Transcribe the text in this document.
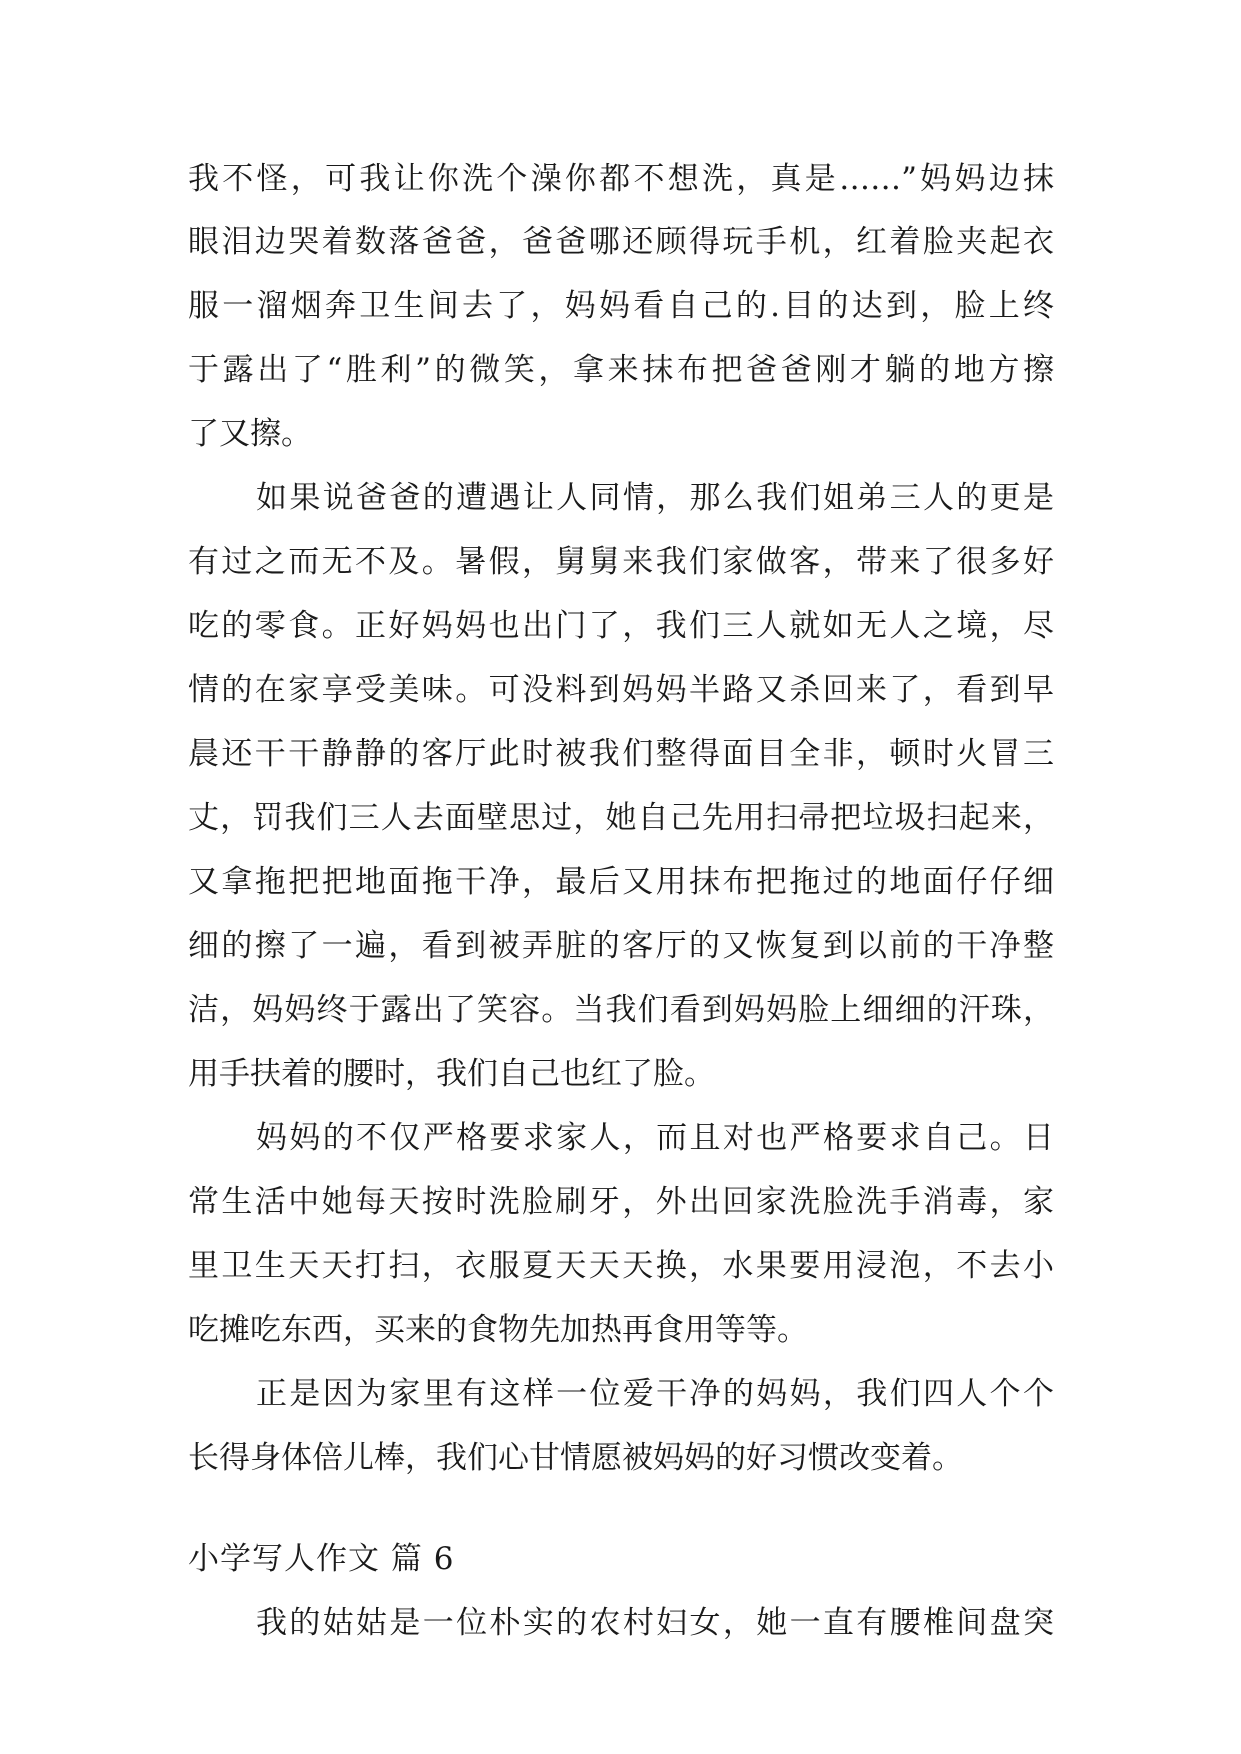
我不怪，可我让你洗个澡你都不想洗，真是……”妈妈边抹
眼泪边哭着数落爸爸，爸爸哪还顾得玩手机，红着脸夹起衣
服一溜烟奔卫生间去了，妈妈看自己的.目的达到，脸上终
于露出了“胜利”的微笑，拿来抹布把爸爸刚才躺的地方擦
了又擦。
如果说爸爸的遭遇让人同情，那么我们姐弟三人的更是
有过之而无不及。暑假，舅舅来我们家做客，带来了很多好
吃的零食。正好妈妈也出门了，我们三人就如无人之境，尽
情的在家享受美味。可没料到妈妈半路又杀回来了，看到早
晨还干干静静的客厅此时被我们整得面目全非，顿时火冒三
丈，罚我们三人去面壁思过，她自己先用扫帚把垃圾扫起来，
又拿拖把把地面拖干净，最后又用抹布把拖过的地面仔仔细
细的擦了一遍，看到被弄脏的客厅的又恢复到以前的干净整
洁，妈妈终于露出了笑容。当我们看到妈妈脸上细细的汗珠，
用手扶着的腰时，我们自己也红了脸。
妈妈的不仅严格要求家人，而且对也严格要求自己。日
常生活中她每天按时洗脸刷牙，外出回家洗脸洗手消毒，家
里卫生天天打扫，衣服夏天天天换，水果要用浸泡，不去小
吃摊吃东西，买来的食物先加热再食用等等。
正是因为家里有这样一位爱干净的妈妈，我们四人个个
长得身体倍儿棒，我们心甘情愿被妈妈的好习惯改变着。
小学写人作文 篇 6
我的姑姑是一位朴实的农村妇女，她一直有腰椎间盘突
